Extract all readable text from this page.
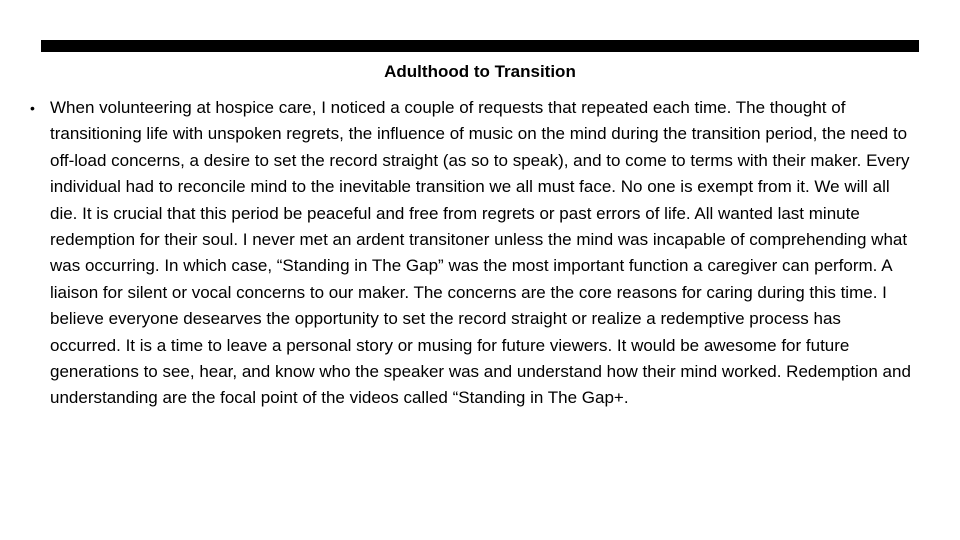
Adulthood to Transition
• When volunteering at hospice care, I noticed a couple of requests that repeated each time. The thought of transitioning life with unspoken regrets, the influence of music on the mind during the transition period, the need to off-load concerns, a desire to set the record straight (as so to speak), and to come to terms with their maker. Every individual had to reconcile mind to the inevitable transition we all must face. No one is exempt from it. We will all die. It is crucial that this period be peaceful and free from regrets or past errors of life. All wanted last minute redemption for their soul. I never met an ardent transitoner unless the mind was incapable of comprehending what was occurring. In which case, “Standing in The Gap” was the most important function a caregiver can perform. A liaison for silent or vocal concerns to our maker. The concerns are the core reasons for caring during this time. I believe everyone desearves the opportunity to set the record straight or realize a redemptive process has occurred. It is a time to leave a personal story or musing for future viewers. It would be awesome for future generations to see, hear, and know who the speaker was and understand how their mind worked. Redemption and understanding are the focal point of the videos called “Standing in The Gap+.
